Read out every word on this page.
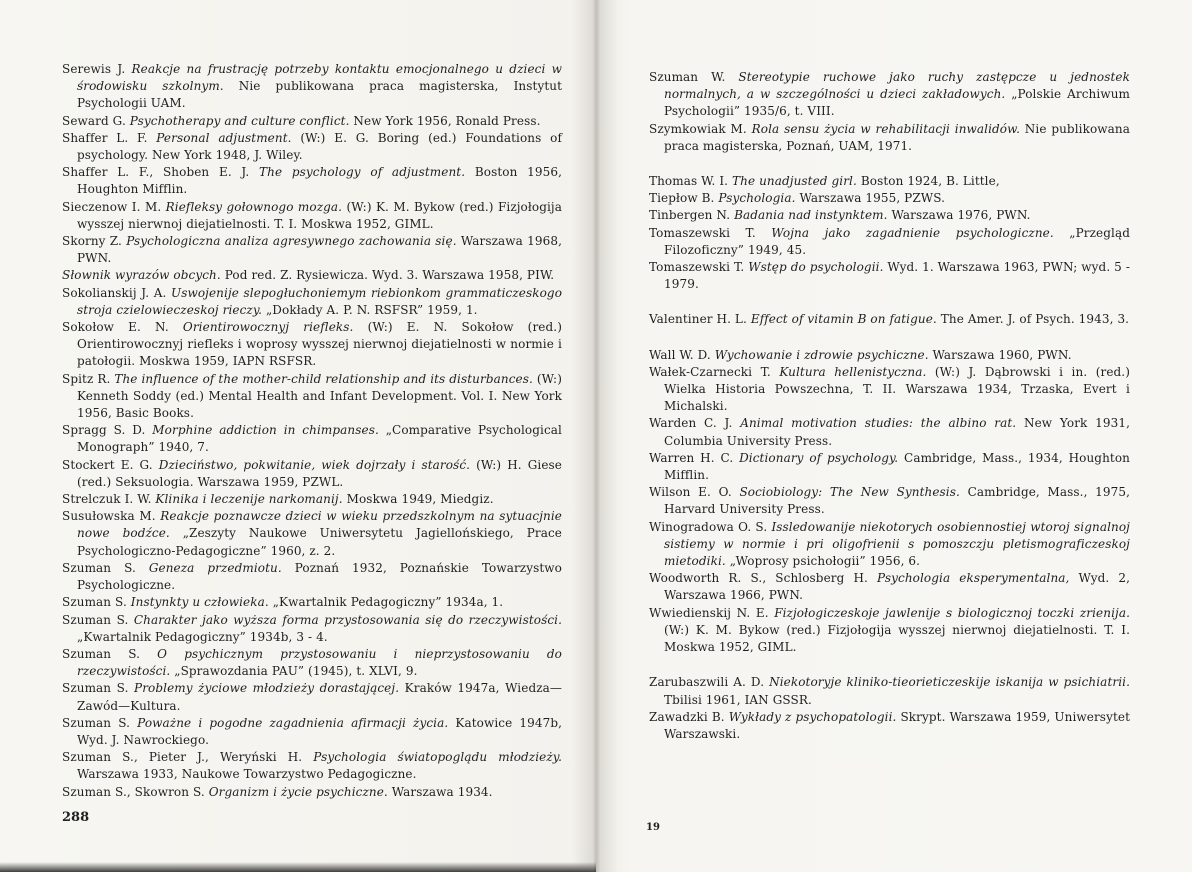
Serewis J. Reakcje na frustrację potrzeby kontaktu emocjonalnego u dzieci w środowisku szkolnym. Nie publikowana praca magisterska, Instytut Psychologii UAM.

Seward G. Psychotherapy and culture conflict. New York 1956, Ronald Press.

Shaffer L. F. Personal adjustment. (W:) E. G. Boring (ed.) Foundations of psychology. New York 1948, J. Wiley.

Shaffer L. F., Shoben E. J. The psychology of adjustment. Boston 1956, Houghton Mifflin.

Sieczenow I. M. Riefleksy gołownogo mozga. (W:) K. M. Bykow (red.) Fizjołogija wysszej nierwnoj diejatielnosti. T. I. Moskwa 1952, GIML.

Skorny Z. Psychologiczna analiza agresywnego zachowania się. Warszawa 1968, PWN.

Słownik wyrazów obcych. Pod red. Z. Rysiewicza. Wyd. 3. Warszawa 1958, PIW.

Sokolianskij J. A. Uswojenije slepogłuchoniemym riebionkom grammaticzeskogo stroja czielowieczeskoj rieczy. „Dokłady A. P. N. RSFSR” 1959, 1.

Sokołow E. N. Orientirowocznyj riefleks. (W:) E. N. Sokołow (red.) Orientirowocznyj riefleks i woprosy wysszej nierwnoj diejatielnosti w normie i patołogii. Moskwa 1959, IAPN RSFSR.

Spitz R. The influence of the mother-child relationship and its disturbances. (W:) Kenneth Soddy (ed.) Mental Health and Infant Development. Vol. I. New York 1956, Basic Books.

Spragg S. D. Morphine addiction in chimpanses. „Comparative Psychological Monograph” 1940, 7.

Stockert E. G. Dzieciństwo, pokwitanie, wiek dojrzały i starość. (W:) H. Giese (red.) Seksuologia. Warszawa 1959, PZWL.

Strelczuk I. W. Klinika i leczenije narkomanij. Moskwa 1949, Miedgiz.

Susułowska M. Reakcje poznawcze dzieci w wieku przedszkolnym na sytuacjnie nowe bodźce. „Zeszyty Naukowe Uniwersytetu Jagiellońskiego, Prace Psychologiczno-Pedagogiczne” 1960, z. 2.

Szuman S. Geneza przedmiotu. Poznań 1932, Poznańskie Towarzystwo Psychologiczne.

Szuman S. Instynkty u człowieka. „Kwartalnik Pedagogiczny” 1934a, 1.

Szuman S. Charakter jako wyższa forma przystosowania się do rzeczywistości. „Kwartalnik Pedagogiczny” 1934b, 3 - 4.

Szuman S. O psychicznym przystosowaniu i nieprzystosowaniu do rzeczywistości. „Sprawozdania PAU” (1945), t. XLVI, 9.

Szuman S. Problemy życiowe młodzieży dorastającej. Kraków 1947a, Wiedza—Zawód—Kultura.

Szuman S. Poważne i pogodne zagadnienia afirmacji życia. Katowice 1947b, Wyd. J. Nawrockiego.

Szuman S., Pieter J., Weryński H. Psychologia światopoglądu młodzieży. Warszawa 1933, Naukowe Towarzystwo Pedagogiczne.

Szuman S., Skowron S. Organizm i życie psychiczne. Warszawa 1934.

288

Szuman W. Stereotypie ruchowe jako ruchy zastępcze u jednostek normalnych, a w szczególności u dzieci zakładowych. „Polskie Archiwum Psychologii” 1935/6, t. VIII.

Szymkowiak M. Rola sensu życia w rehabilitacji inwalidów. Nie publikowana praca magisterska, Poznań, UAM, 1971.

Thomas W. I. The unadjusted girl. Boston 1924, B. Little,

Tiepłow B. Psychologia. Warszawa 1955, PZWS.

Tinbergen N. Badania nad instynktem. Warszawa 1976, PWN.

Tomaszewski T. Wojna jako zagadnienie psychologiczne. „Przegląd Filozoficzny” 1949, 45.

Tomaszewski T. Wstęp do psychologii. Wyd. 1. Warszawa 1963, PWN; wyd. 5 - 1979.

Valentiner H. L. Effect of vitamin B on fatigue. The Amer. J. of Psych. 1943, 3.

Wall W. D. Wychowanie i zdrowie psychiczne. Warszawa 1960, PWN.

Wałek-Czarnecki T. Kultura hellenistyczna. (W:) J. Dąbrowski i in. (red.) Wielka Historia Powszechna, T. II. Warszawa 1934, Trzaska, Evert i Michalski.

Warden C. J. Animal motivation studies: the albino rat. New York 1931, Columbia University Press.

Warren H. C. Dictionary of psychology. Cambridge, Mass., 1934, Houghton Mifflin.

Wilson E. O. Sociobiology: The New Synthesis. Cambridge, Mass., 1975, Harvard University Press.

Winogradowa O. S. Issledowanije niekotorych osobiennostiej wtoroj signalnoj sistiemy w normie i pri oligofrienii s pomoszczju pletismograficzeskoj mietodiki. „Woprosy psichołogii” 1956, 6.

Woodworth R. S., Schlosberg H. Psychologia eksperymentalna, Wyd. 2, Warszawa 1966, PWN.

Wwiedienskij N. E. Fizjołogiczeskoje jawlenije s biologicznoj toczki zrienija. (W:) K. M. Bykow (red.) Fizjołogija wysszej nierwnoj diejatielnosti. T. I. Moskwa 1952, GIML.

Zarubaszwili A. D. Niekotoryje kliniko-tieorieticzeskije iskanija w psichiatrii. Tbilisi 1961, IAN GSSR.

Zawadzki B. Wykłady z psychopatologii. Skrypt. Warszawa 1959, Uniwersytet Warszawski.

19
